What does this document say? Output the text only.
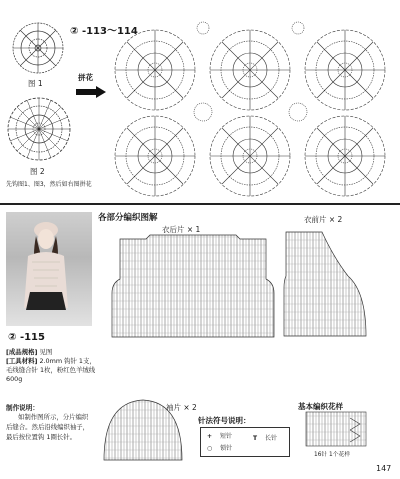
② -113～114
图 1
图 2
先钩图1、图3，然后如右图拼花
拼花
② -115
[成品规格] 见图
[工具材料] 2.0mm 钩针 1支，毛线缝合针 1枚，粉红色羊绒线 600g
制作说明：
如制作图所示，分片编织后缝合。然后沿线编织袖子，最后按位置钩 1圈长针。
各部分编织图解
衣后片 × 1
衣前片 × 2
袖片 × 2
针法符号说明：
+ 短针
○ 锁针
T 长针
基本编织花样
16针 1个花样
147
